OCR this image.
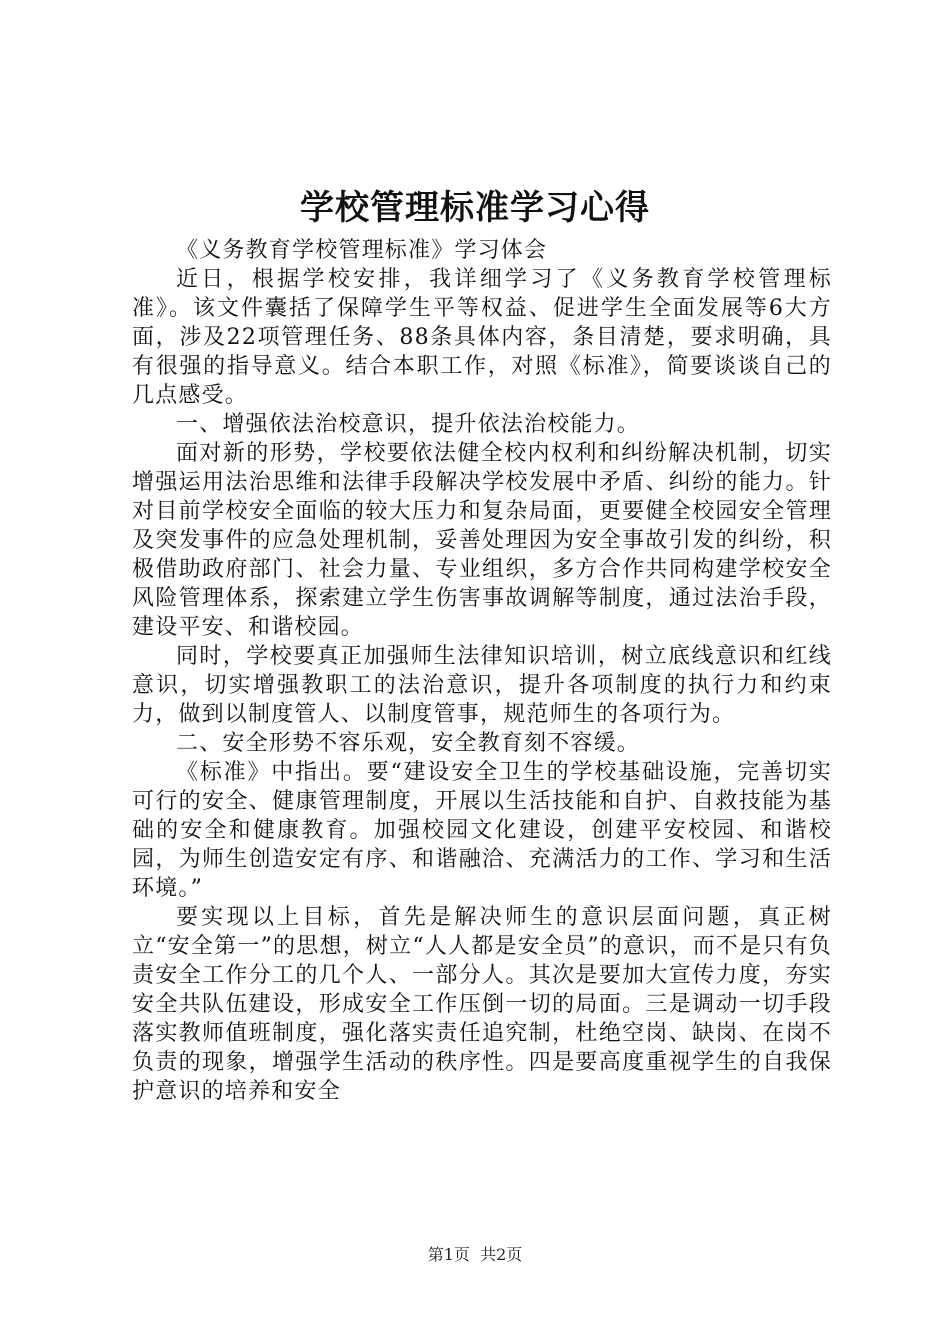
学校管理标准学习心得

《义务教育学校管理标准》学习体会

近日，根据学校安排，我详细学习了《义务教育学校管理标准》。该文件囊括了保障学生平等权益、促进学生全面发展等6大方面，涉及22项管理任务、88条具体内容，条目清楚，要求明确，具有很强的指导意义。结合本职工作，对照《标准》，简要谈谈自己的几点感受。

一、增强依法治校意识，提升依法治校能力。

面对新的形势，学校要依法健全校内权利和纠纷解决机制，切实增强运用法治思维和法律手段解决学校发展中矛盾、纠纷的能力。针对目前学校安全面临的较大压力和复杂局面，更要健全校园安全管理及突发事件的应急处理机制，妥善处理因为安全事故引发的纠纷，积极借助政府部门、社会力量、专业组织，多方合作共同构建学校安全风险管理体系，探索建立学生伤害事故调解等制度，通过法治手段，建设平安、和谐校园。

同时，学校要真正加强师生法律知识培训，树立底线意识和红线意识，切实增强教职工的法治意识，提升各项制度的执行力和约束力，做到以制度管人、以制度管事，规范师生的各项行为。

二、安全形势不容乐观，安全教育刻不容缓。

《标准》中指出。要“建设安全卫生的学校基础设施，完善切实可行的安全、健康管理制度，开展以生活技能和自护、自救技能为基础的安全和健康教育。加强校园文化建设，创建平安校园、和谐校园，为师生创造安定有序、和谐融洽、充满活力的工作、学习和生活环境。”

要实现以上目标，首先是解决师生的意识层面问题，真正树立“安全第一”的思想，树立“人人都是安全员”的意识，而不是只有负责安全工作分工的几个人、一部分人。其次是要加大宣传力度，夯实安全共队伍建设，形成安全工作压倒一切的局面。三是调动一切手段落实教师值班制度，强化落实责任追究制，杜绝空岗、缺岗、在岗不负责的现象，增强学生活动的秩序性。四是要高度重视学生的自我保护意识的培养和安全

第1页  共2页
